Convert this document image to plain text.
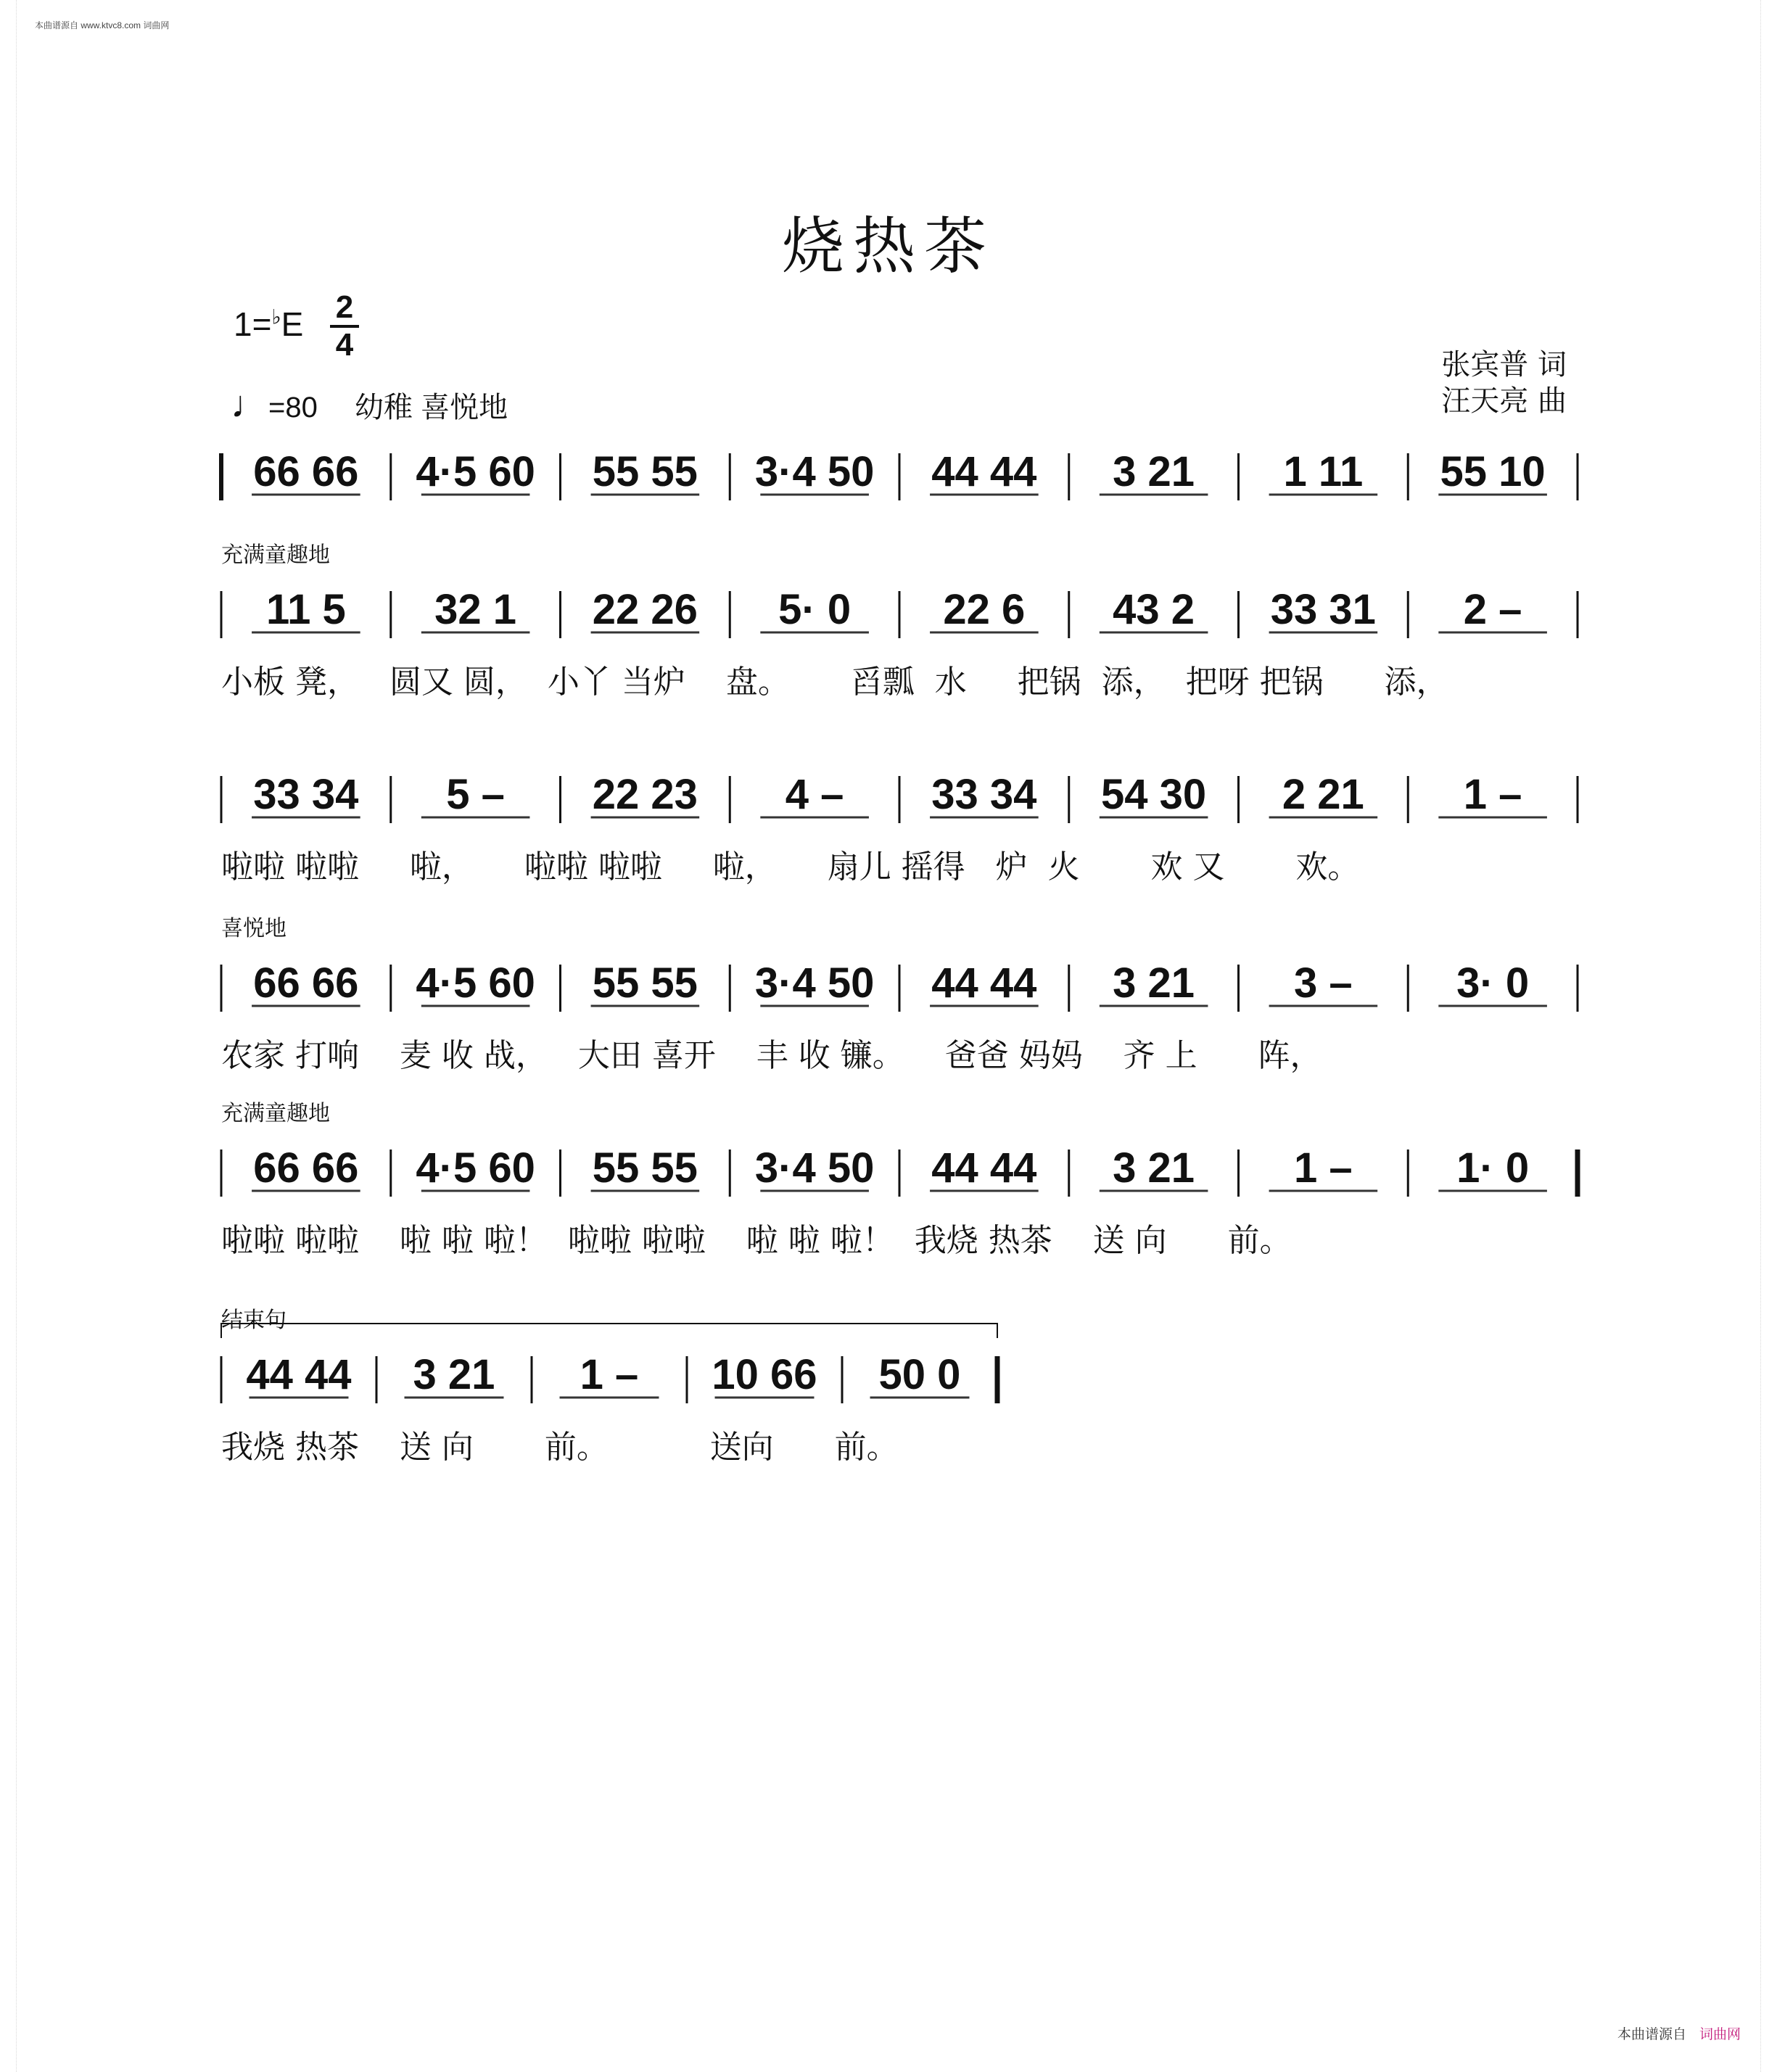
本曲谱源自 www.ktvc8.com 词曲网
烧热茶
$1=^♭E \frac{2}{4}$
♩=80 幼稚 喜悦地
张宾普 词
汪天亮 曲
66 66 4·5 60 55 55 3·4 50 44 44 3 21 1 11 55 10
充满童趣地
11 5 32 1 22 26 5· 0 22 6 43 2 33 31 2 –
小板 凳，   圆又 圆，  小丫 当炉    盘。      舀瓢  水     把锅  添，  把呀 把锅      添，
33 34 5 – 22 23 4 – 33 34 54 30 2 21 1 –
啦啦 啦啦     啦，     啦啦 啦啦     啦，     扇儿 摇得   炉  火       欢 又       欢。
喜悦地
66 66 4·5 60 55 55 3·4 50 44 44 3 21 3 – 3· 0
农家 打响    麦 收 战，   大田 喜开    丰 收 镰。    爸爸 妈妈    齐 上      阵，
充满童趣地
66 66 4·5 60 55 55 3·4 50 44 44 3 21 1 – 1· 0
啦啦 啦啦    啦 啦 啦！  啦啦 啦啦    啦 啦 啦！  我烧 热茶    送 向      前。
结束句
44 44 3 21 1 – 10 66 50 0
我烧 热茶    送 向       前。          送向      前。
本曲谱源自 词曲网
